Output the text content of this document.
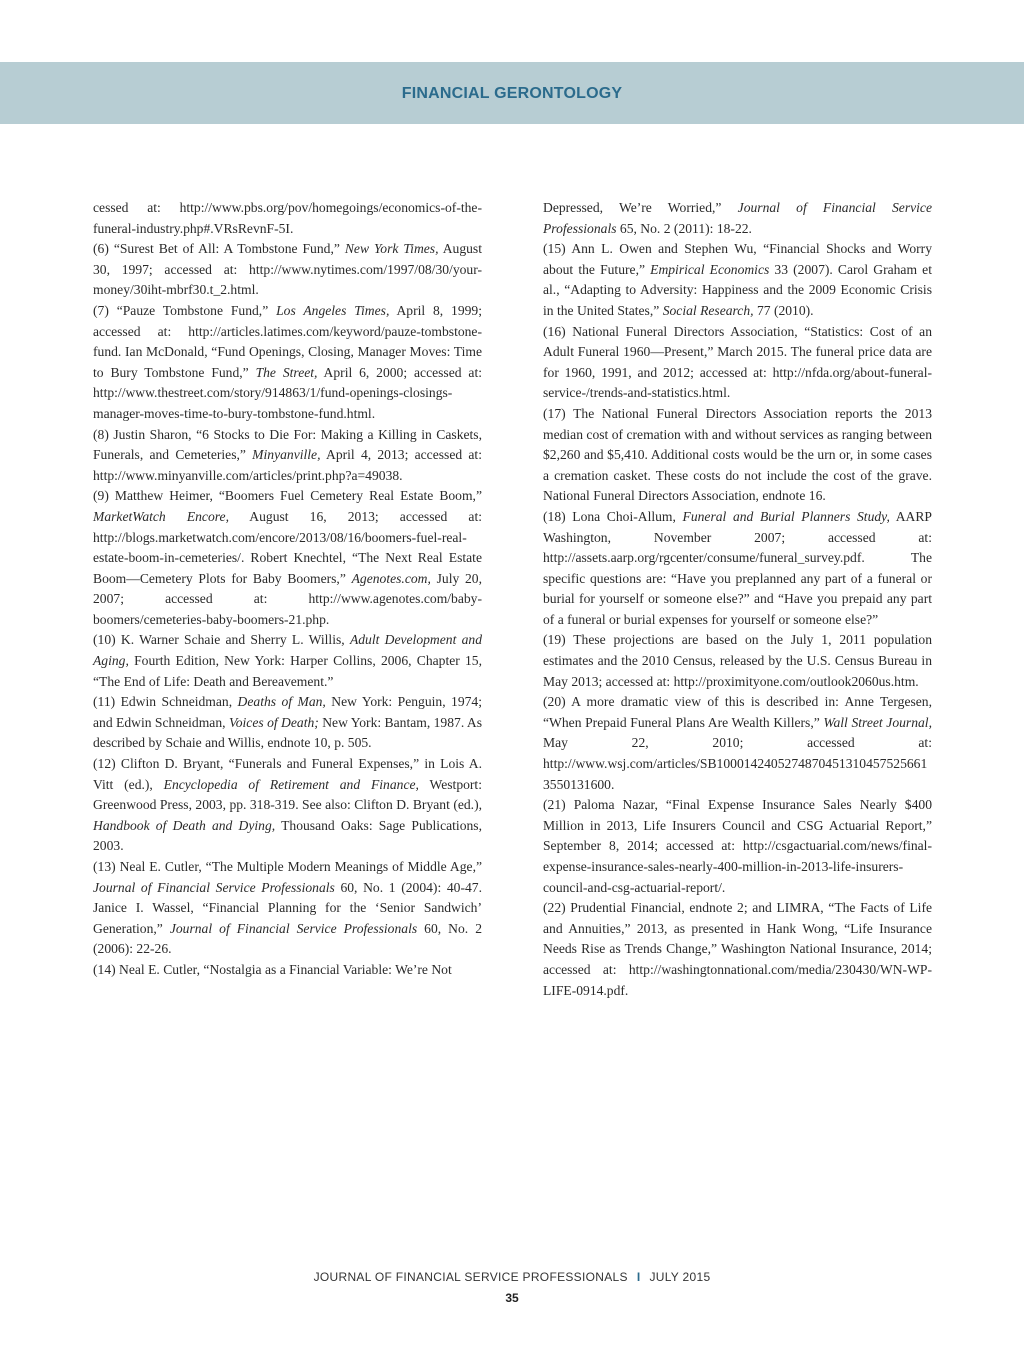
FINANCIAL GERONTOLOGY

cessed at: http://www.pbs.org/pov/homegoings/economics-of-the-funeral-industry.php#.VRsRevnF-5I.

(6) “Surest Bet of All: A Tombstone Fund,” New York Times, August 30, 1997; accessed at: http://www.nytimes.com/1997/08/30/your-money/30iht-mbrf30.t_2.html.

(7) “Pauze Tombstone Fund,” Los Angeles Times, April 8, 1999; accessed at: http://articles.latimes.com/keyword/pauze-tombstone-fund. Ian McDonald, “Fund Openings, Closing, Manager Moves: Time to Bury Tombstone Fund,” The Street, April 6, 2000; accessed at: http://www.thestreet.com/story/914863/1/fund-openings-closings-manager-moves-time-to-bury-tombstone-fund.html.

(8) Justin Sharon, “6 Stocks to Die For: Making a Killing in Caskets, Funerals, and Cemeteries,” Minyanville, April 4, 2013; accessed at: http://www.minyanville.com/articles/print.php?a=49038.

(9) Matthew Heimer, “Boomers Fuel Cemetery Real Estate Boom,” MarketWatch Encore, August 16, 2013; accessed at: http://blogs.marketwatch.com/encore/2013/08/16/boomers-fuel-real-estate-boom-in-cemeteries/. Robert Knechtel, “The Next Real Estate Boom—Cemetery Plots for Baby Boomers,” Agenotes.com, July 20, 2007; accessed at: http://www.agenotes.com/baby-boomers/cemeteries-baby-boomers-21.php.

(10) K. Warner Schaie and Sherry L. Willis, Adult Development and Aging, Fourth Edition, New York: Harper Collins, 2006, Chapter 15, “The End of Life: Death and Bereavement.”

(11) Edwin Schneidman, Deaths of Man, New York: Penguin, 1974; and Edwin Schneidman, Voices of Death; New York: Bantam, 1987. As described by Schaie and Willis, endnote 10, p. 505.

(12) Clifton D. Bryant, “Funerals and Funeral Expenses,” in Lois A. Vitt (ed.), Encyclopedia of Retirement and Finance, Westport: Greenwood Press, 2003, pp. 318-319. See also: Clifton D. Bryant (ed.), Handbook of Death and Dying, Thousand Oaks: Sage Publications, 2003.

(13) Neal E. Cutler, “The Multiple Modern Meanings of Middle Age,” Journal of Financial Service Professionals 60, No. 1 (2004): 40-47. Janice I. Wassel, “Financial Planning for the ‘Senior Sandwich’ Generation,” Journal of Financial Service Professionals 60, No. 2 (2006): 22-26.

(14) Neal E. Cutler, “Nostalgia as a Financial Variable: We’re Not

Depressed, We’re Worried,” Journal of Financial Service Professionals 65, No. 2 (2011): 18-22.

(15) Ann L. Owen and Stephen Wu, “Financial Shocks and Worry about the Future,” Empirical Economics 33 (2007). Carol Graham et al., “Adapting to Adversity: Happiness and the 2009 Economic Crisis in the United States,” Social Research, 77 (2010).

(16) National Funeral Directors Association, “Statistics: Cost of an Adult Funeral 1960—Present,” March 2015. The funeral price data are for 1960, 1991, and 2012; accessed at: http://nfda.org/about-funeral-service-/trends-and-statistics.html.

(17) The National Funeral Directors Association reports the 2013 median cost of cremation with and without services as ranging between $2,260 and $5,410. Additional costs would be the urn or, in some cases a cremation casket. These costs do not include the cost of the grave. National Funeral Directors Association, endnote 16.

(18) Lona Choi-Allum, Funeral and Burial Planners Study, AARP Washington, November 2007; accessed at: http://assets.aarp.org/rgcenter/consume/funeral_survey.pdf. The specific questions are: “Have you preplanned any part of a funeral or burial for yourself or someone else?” and “Have you prepaid any part of a funeral or burial expenses for yourself or someone else?”

(19) These projections are based on the July 1, 2011 population estimates and the 2010 Census, released by the U.S. Census Bureau in May 2013; accessed at: http://proximityone.com/outlook2060us.htm.

(20) A more dramatic view of this is described in: Anne Tergesen, “When Prepaid Funeral Plans Are Wealth Killers,” Wall Street Journal, May 22, 2010; accessed at: http://www.wsj.com/articles/SB10001424052748704513104575256613550131600.

(21) Paloma Nazar, “Final Expense Insurance Sales Nearly $400 Million in 2013, Life Insurers Council and CSG Actuarial Report,” September 8, 2014; accessed at: http://csgactuarial.com/news/final-expense-insurance-sales-nearly-400-million-in-2013-life-insurers-council-and-csg-actuarial-report/.

(22) Prudential Financial, endnote 2; and LIMRA, “The Facts of Life and Annuities,” 2013, as presented in Hank Wong, “Life Insurance Needs Rise as Trends Change,” Washington National Insurance, 2014; accessed at: http://washingtonnational.com/media/230430/WN-WP-LIFE-0914.pdf.

JOURNAL OF FINANCIAL SERVICE PROFESSIONALS I JULY 2015
35
